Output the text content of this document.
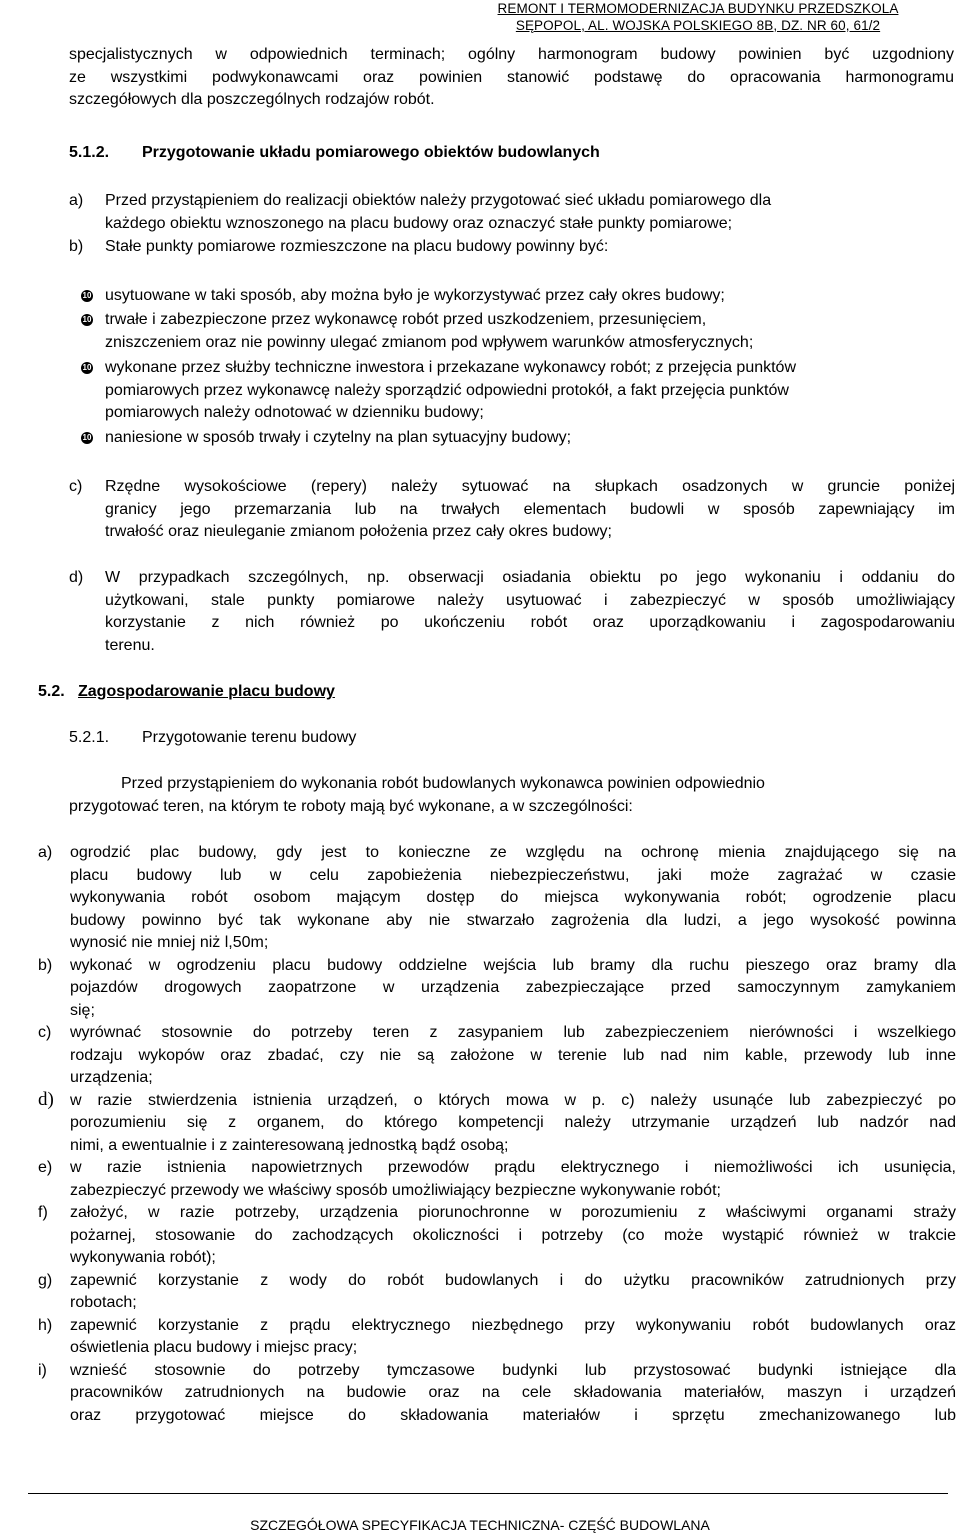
REMONT I TERMOMODERNIZACJA BUDYNKU PRZEDSZKOLA
SĘPOPOL, AL. WOJSKA POLSKIEGO 8B, DZ. NR 60, 61/2
specjalistycznych w odpowiednich terminach; ogólny harmonogram budowy powinien być uzgodniony
ze wszystkimi podwykonawcami oraz powinien stanowić podstawę do opracowania harmonogramu
szczegółowych dla poszczególnych rodzajów robót.
5.1.2. Przygotowanie układu pomiarowego obiektów budowlanych
a) Przed przystąpieniem do realizacji obiektów należy przygotować sieć układu pomiarowego dla
każdego obiektu wznoszonego na placu budowy oraz oznaczyć stałe punkty pomiarowe;
b) Stałe punkty pomiarowe rozmieszczone na placu budowy powinny być:
10 usytuowane w taki sposób, aby można było je wykorzystywać przez cały okres budowy;
10 trwałe i zabezpieczone przez wykonawcę robót przed uszkodzeniem, przesunięciem,
zniszczeniem oraz nie powinny ulegać zmianom pod wpływem warunków atmosferycznych;
10 wykonane przez służby techniczne inwestora i przekazane wykonawcy robót; z przejęcia punktów
pomiarowych przez wykonawcę należy sporządzić odpowiedni protokół, a fakt przejęcia punktów
pomiarowych należy odnotować w dzienniku budowy;
10 naniesione w sposób trwały i czytelny na plan sytuacyjny budowy;
c) Rzędne wysokościowe (repery) należy sytuować na słupkach osadzonych w gruncie poniżej
granicy jego przemarzania lub na trwałych elementach budowli w sposób zapewniający im
trwałość oraz nieuleganie zmianom położenia przez cały okres budowy;
d) W przypadkach szczególnych, np. obserwacji osiadania obiektu po jego wykonaniu i oddaniu do
użytkowani, stale punkty pomiarowe należy usytuować i zabezpieczyć w sposób umożliwiający
korzystanie z nich również po ukończeniu robót oraz uporządkowaniu i zagospodarowaniu
terenu.
5.2. Zagospodarowanie placu budowy
5.2.1. Przygotowanie terenu budowy
Przed przystąpieniem do wykonania robót budowlanych wykonawca powinien odpowiednio
przygotować teren, na którym te roboty mają być wykonane, a w szczególności:
a) ogrodzić plac budowy, gdy jest to konieczne ze względu na ochronę mienia znajdującego się na
placu budowy lub w celu zapobieżenia niebezpieczeństwu, jaki może zagrażać w czasie
wykonywania robót osobom mającym dostęp do miejsca wykonywania robót; ogrodzenie placu
budowy powinno być tak wykonane aby nie stwarzało zagrożenia dla ludzi, a jego wysokość powinna
wynosić nie mniej niż l,50m;
b) wykonać w ogrodzeniu placu budowy oddzielne wejścia lub bramy dla ruchu pieszego oraz bramy dla
pojazdów drogowych zaopatrzone w urządzenia zabezpieczające przed samoczynnym zamykaniem
się;
c) wyrównać stosownie do potrzeby teren z zasypaniem lub zabezpieczeniem nierówności i wszelkiego
rodzaju wykopów oraz zbadać, czy nie są założone w terenie lub nad nim kable, przewody lub inne
urządzenia;
d) w razie stwierdzenia istnienia urządzeń, o których mowa w p. c) należy usunąće lub zabezpieczyć po
porozumieniu się z organem, do którego kompetencji należy utrzymanie urządzeń lub nadzór nad
nimi, a ewentualnie i z zainteresowaną jednostką bądź osobą;
e) w razie istnienia napowietrznych przewodów prądu elektrycznego i niemożliwości ich usunięcia,
zabezpieczyć przewody we właściwy sposób umożliwiający bezpieczne wykonywanie robót;
f) założyć, w razie potrzeby, urządzenia piorunochronne w porozumieniu z właściwymi organami straży
pożarnej, stosowanie do zachodzących okoliczności i potrzeby (co może wystąpić również w trakcie
wykonywania robót);
g) zapewnić korzystanie z wody do robót budowlanych i do użytku pracowników zatrudnionych przy
robotach;
h) zapewnić korzystanie z prądu elektrycznego niezbędnego przy wykonywaniu robót budowlanych oraz
oświetlenia placu budowy i miejsc pracy;
i) wznieść stosownie do potrzeby tymczasowe budynki lub przystosować budynki istniejące dla
pracowników zatrudnionych na budowie oraz na cele składowania materiałów, maszyn i urządzeń
oraz przygotować miejsce do składowania materiałów i sprzętu zmechanizowanego lub
SZCZEGÓŁOWA SPECYFIKACJA TECHNICZNA- CZĘŚĆ BUDOWLANA
